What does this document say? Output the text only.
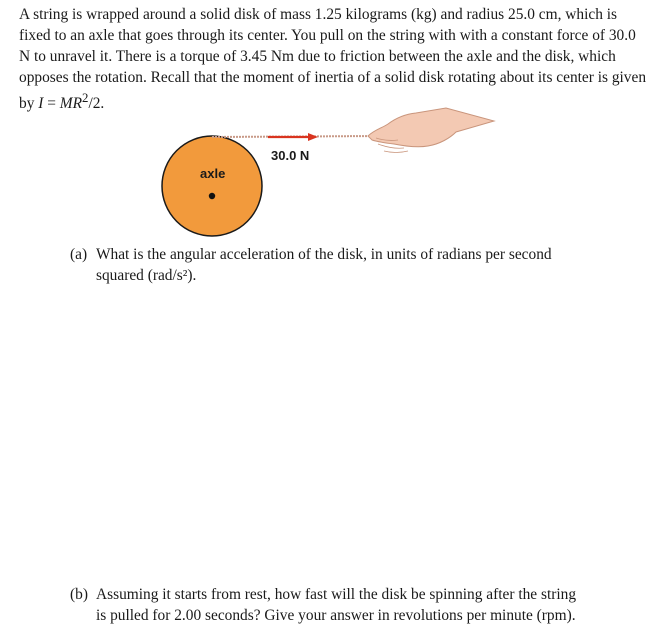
A string is wrapped around a solid disk of mass 1.25 kilograms (kg) and radius 25.0 cm, which is fixed to an axle that goes through its center. You pull on the string with with a constant force of 30.0 N to unravel it. There is a torque of 3.45 Nm due to friction between the axle and the disk, which opposes the rotation. Recall that the moment of inertia of a solid disk rotating about its center is given by $I = MR^2/2$.

30.0 N
axle

(a) What is the angular acceleration of the disk, in units of radians per second
squared (rad/s²).

(b) Assuming it starts from rest, how fast will the disk be spinning after the string
is pulled for 2.00 seconds? Give your answer in revolutions per minute (rpm).
